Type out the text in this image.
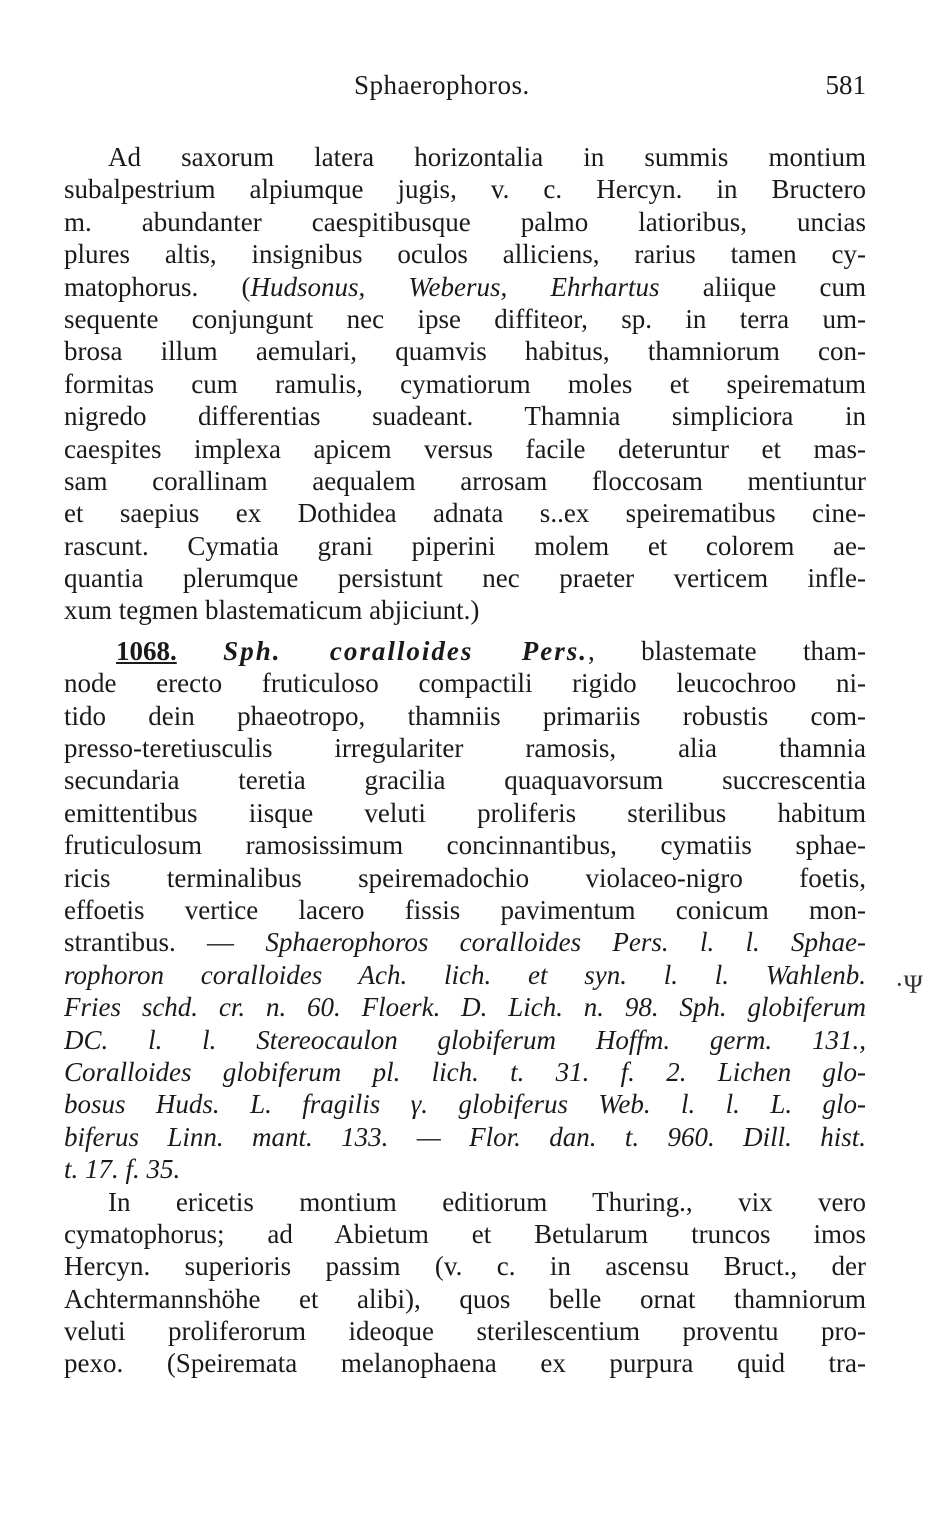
Sphaerophoros.	581
Ad saxorum latera horizontalia in summis montium
subalpestrium alpiumque jugis, v. c. Hercyn. in Bructero
m. abundanter caespitibusque palmo latioribus, uncias
plures altis, insignibus oculos alliciens, rarius tamen cy-
matophorus. (Hudsonus, Weberus, Ehrhartus aliique cum
sequente conjungunt nec ipse diffiteor, sp. in terra um-
brosa illum aemulari, quamvis habitus, thamniorum con-
formitas cum ramulis, cymatiorum moles et speirematum
nigredo differentias suadeant. Thamnia simpliciora in
caespites implexa apicem versus facile deteruntur et mas-
sam corallinam aequalem arrosam floccosam mentiuntur
et saepius ex Dothidea adnata s..ex speirematibus cine-
rascunt. Cymatia grani piperini molem et colorem ae-
quantia plerumque persistunt nec praeter verticem infle-
xum tegmen blastematicum abjiciunt.)
1068. Sph. coralloides Pers., blastemate tham-
node erecto fruticuloso compactili rigido leucochroo ni-
tido dein phaeotropo, thamniis primariis robustis com-
presso-teretiusculis irregulariter ramosis, alia thamnia
secundaria teretia gracilia quaquavorsum succrescentia
emittentibus iisque veluti proliferis sterilibus habitum
fruticulosum ramosissimum concinnantibus, cymatiis sphae-
ricis terminalibus speiremadochio violaceo-nigro foetis,
effoetis vertice lacero fissis pavimentum conicum mon-
strantibus. — Sphaerophoros coralloides Pers. l. l. Sphae-
rophoron coralloides Ach. lich. et syn. l. l. Wahlenb.
Fries schd. cr. n. 60. Floerk. D. Lich. n. 98. Sph. globiferum
DC. l. l. Stereocaulon globiferum Hoffm. germ. 131.,
Coralloides globiferum pl. lich. t. 31. f. 2. Lichen glo-
bosus Huds. L. fragilis γ. globiferus Web. l. l. L. glo-
biferus Linn. mant. 133. — Flor. dan. t. 960. Dill. hist.
t. 17. f. 35.
In ericetis montium editiorum Thuring., vix vero
cymatophorus; ad Abietum et Betularum truncos imos
Hercyn. superioris passim (v. c. in ascensu Bruct., der
Achtermannshöhe et alibi), quos belle ornat thamniorum
veluti proliferorum ideoque sterilescentium proventu pro-
pexo. (Speiremata melanophaena ex purpura quid tra-
·Ψ
